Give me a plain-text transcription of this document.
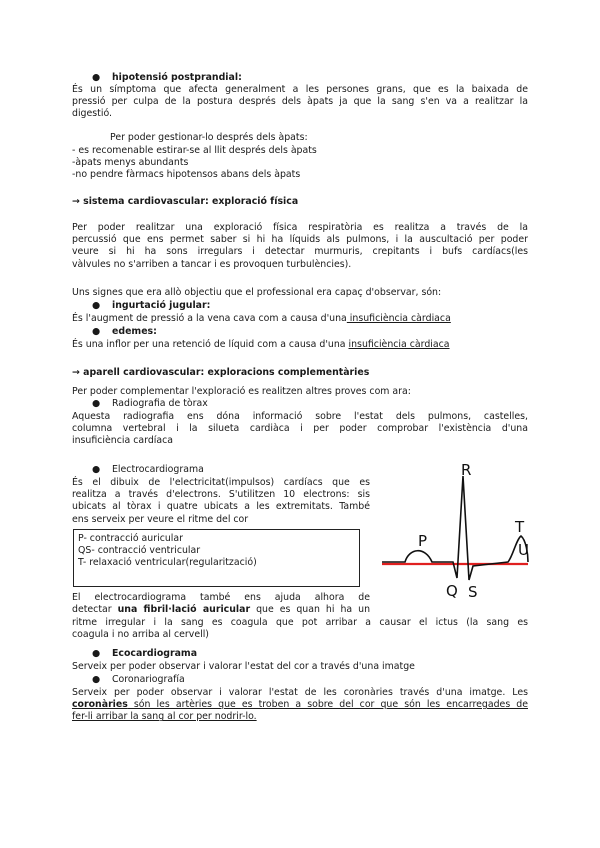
● hipotensió postprandial:
És un símptoma que afecta generalment a les persones grans, que es la baixada de
pressió per culpa de la postura després dels àpats ja que la sang s'en va a realitzar la
digestió.
Per poder gestionar-lo després dels àpats:
- es recomenable estirar-se al llit després dels àpats
-àpats menys abundants
-no pendre fàrmacs hipotensos abans dels àpats
→ sistema cardiovascular: exploració física
Per poder realitzar una exploració física respiratòria es realitza a través de la
percussió que ens permet saber si hi ha líquids als pulmons, i la auscultació per poder
veure si hi ha sons irregulars i detectar murmuris, crepitants i bufs cardíacs(les
vàlvules no s'arriben a tancar i es provoquen turbulències).
Uns signes que era allò objectiu que el professional era capaç d'observar, són:
● ingurtació jugular:
És l'augment de pressió a la vena cava com a causa d'una insuficiència càrdiaca
● edemes:
És una inflor per una retenció de líquid com a causa d'una insuficiència càrdiaca
→ aparell cardiovascular: exploracions complementàries
Per poder complementar l'exploració es realitzen altres proves com ara:
● Radiografia de tòrax
Aquesta radiografia ens dóna informació sobre l'estat dels pulmons, castelles,
columna vertebral i la silueta cardiàca i per poder comprobar l'existència d'una
insuficiència cardíaca
● Electrocardiograma
És el dibuix de l'electricitat(impulsos) cardíacs que es
realitza a través d'electrons. S'utilitzen 10 electrons: sis
ubicats al tòrax i quatre ubicats a les extremitats. També
ens serveix per veure el ritme del cor
P- contracció auricular
QS- contracció ventricular
T- relaxació ventricular(regularització)
P
R
T
U
Q S
El electrocardiograma també ens ajuda alhora de
detectar una fibril·lació auricular que es quan hi ha un
ritme irregular i la sang es coagula que pot arribar a causar el ictus (la sang es
coagula i no arriba al cervell)
● Ecocardiograma
Serveix per poder observar i valorar l'estat del cor a través d'una imatge
● Coronariografía
Serveix per poder observar i valorar l'estat de les coronàries través d'una imatge. Les
coronàries són les artèries que es troben a sobre del cor que són les encarregades de
fer-li arribar la sang al cor per nodrir-lo.
